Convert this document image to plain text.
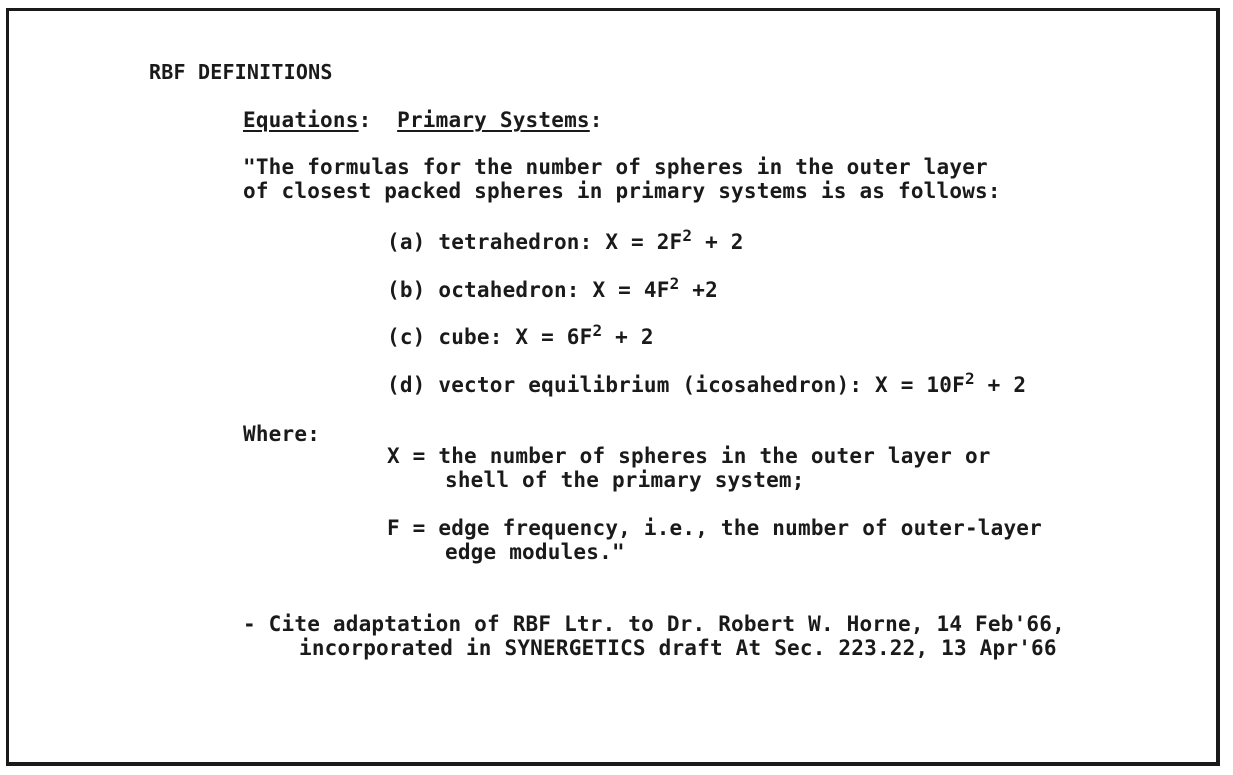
RBF DEFINITIONS
Equations: Primary Systems:
"The formulas for the number of spheres in the outer layer
of closest packed spheres in primary systems is as follows:
(a) tetrahedron: $X = 2F^2 + 2$
(b) octahedron: $X = 4F^2 +2$
(c) cube: $X = 6F^2 + 2$
(d) vector equilibrium (icosahedron): $X = 10F^2 + 2$
Where:
X = the number of spheres in the outer layer or
shell of the primary system;
F = edge frequency, i.e., the number of outer-layer
edge modules."
- Cite adaptation of RBF Ltr. to Dr. Robert W. Horne, 14 Feb'66,
incorporated in SYNERGETICS draft At Sec. 223.22, 13 Apr'66
